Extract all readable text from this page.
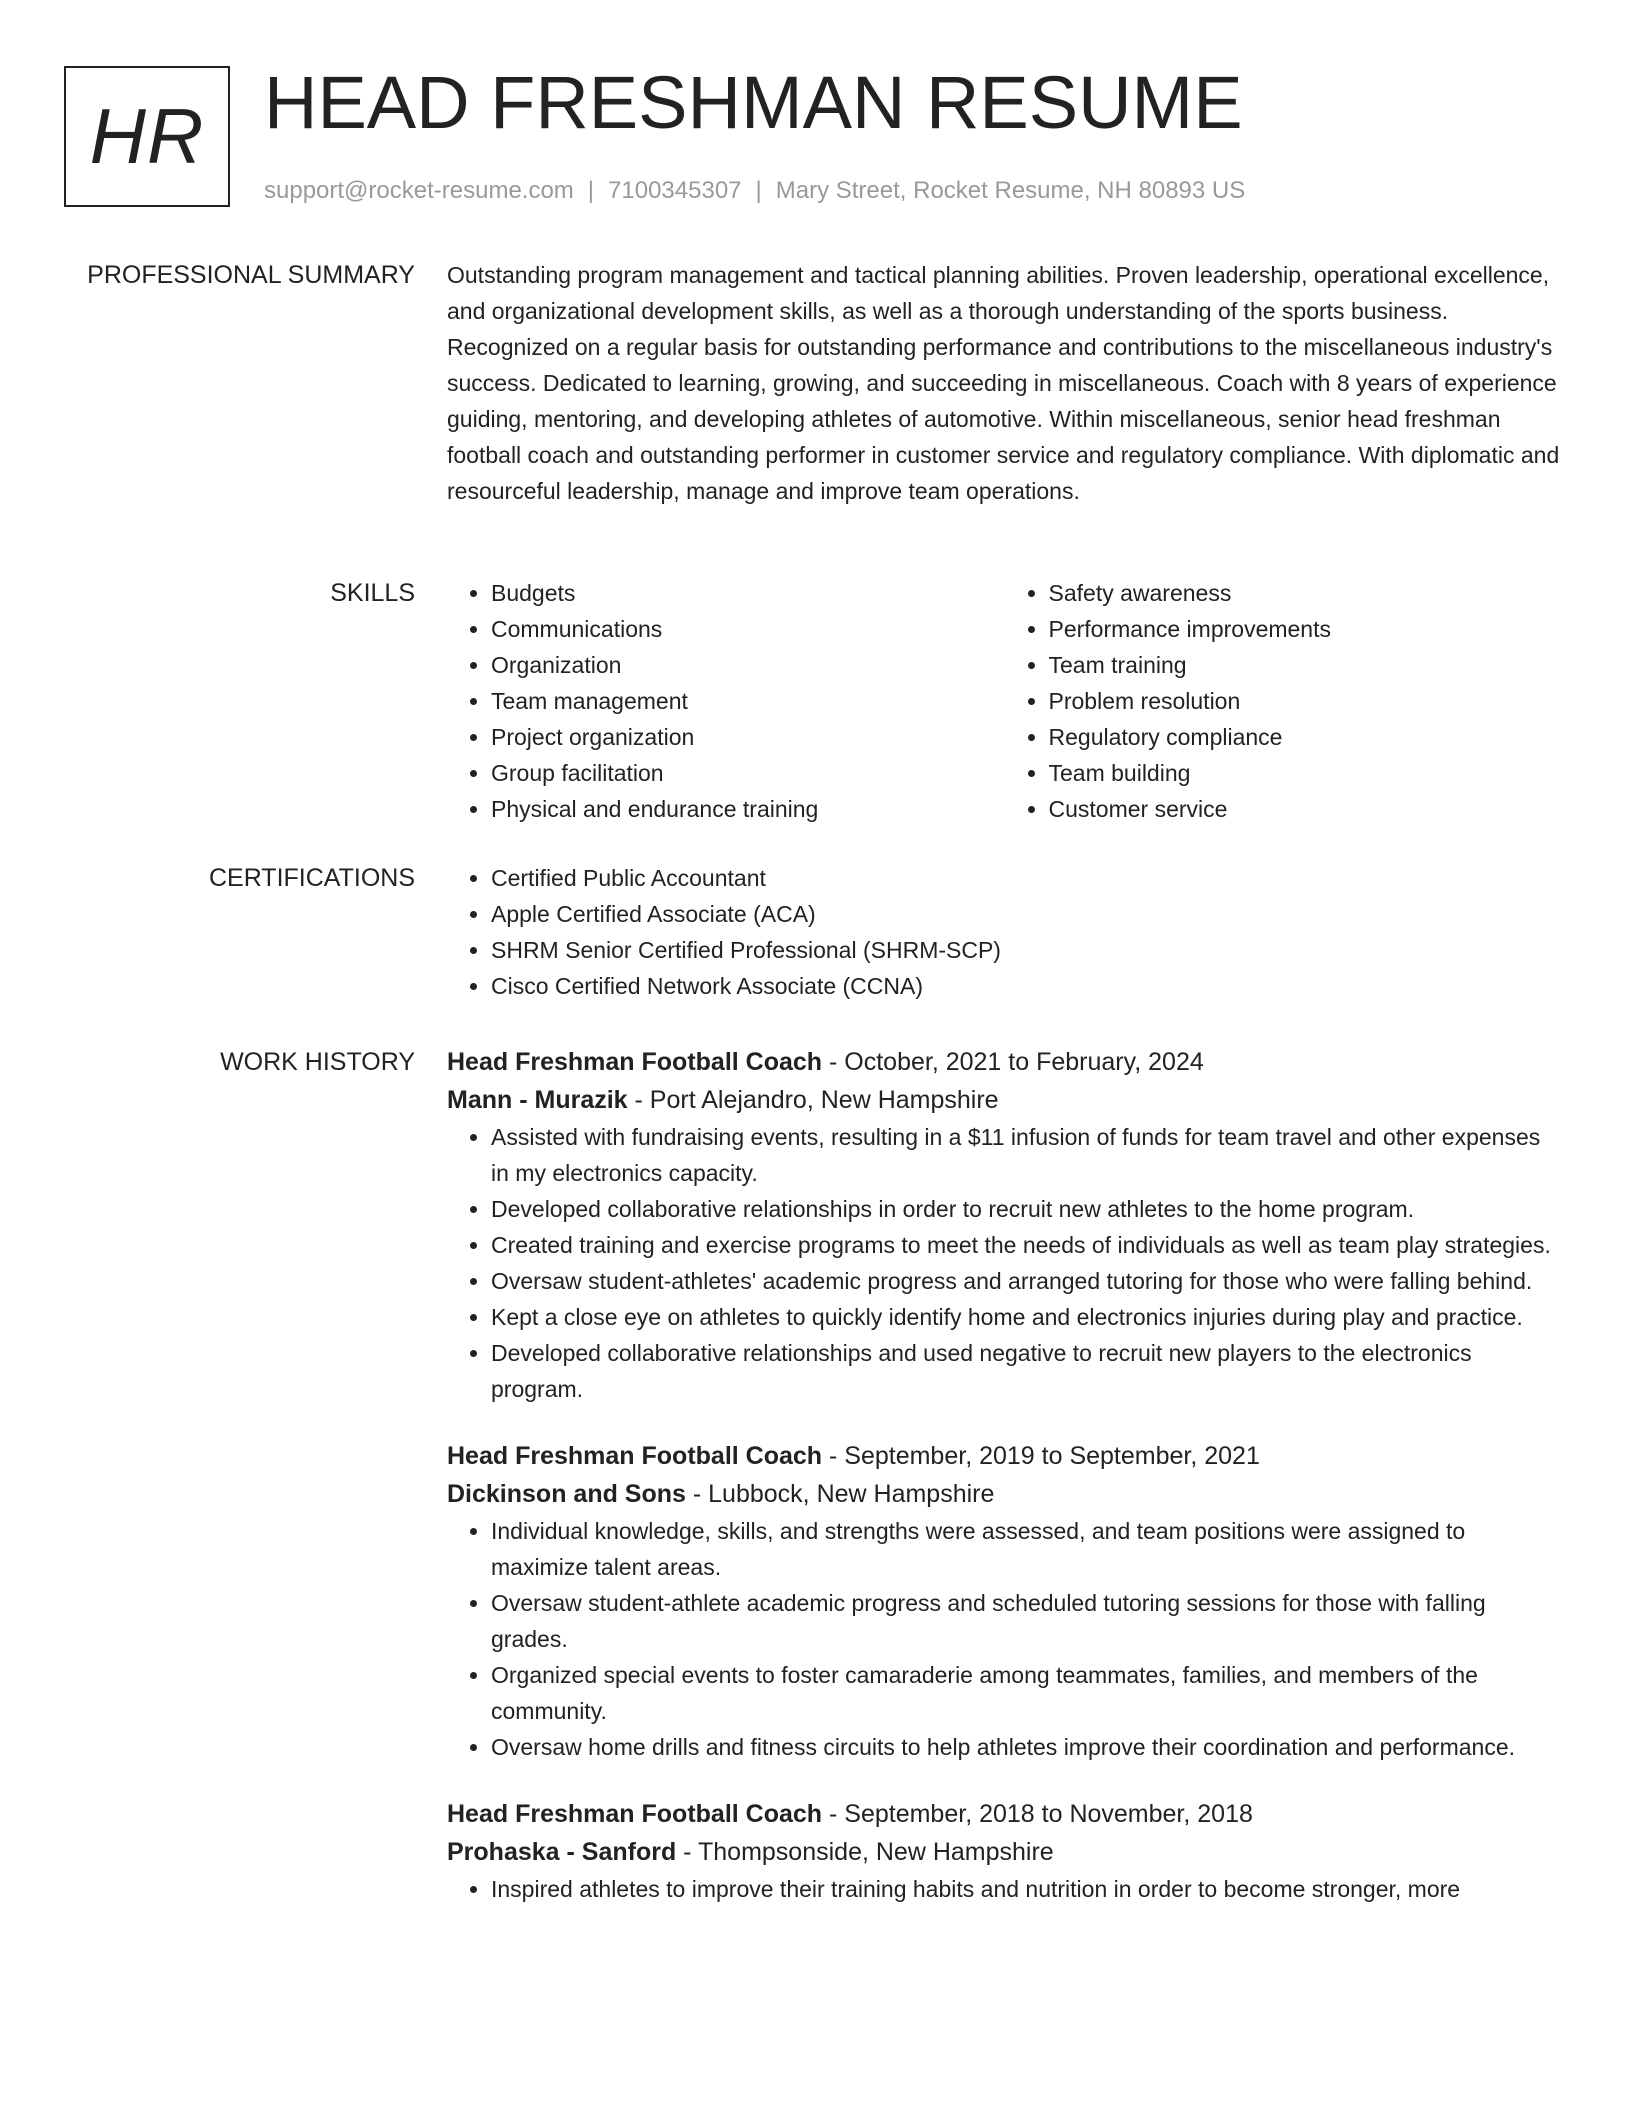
HR HEAD FRESHMAN RESUME
support@rocket-resume.com | 7100345307 | Mary Street, Rocket Resume, NH 80893 US
PROFESSIONAL SUMMARY Outstanding program management and tactical planning abilities. Proven leadership, operational excellence, and organizational development skills, as well as a thorough understanding of the sports business. Recognized on a regular basis for outstanding performance and contributions to the miscellaneous industry's success. Dedicated to learning, growing, and succeeding in miscellaneous. Coach with 8 years of experience guiding, mentoring, and developing athletes of automotive. Within miscellaneous, senior head freshman football coach and outstanding performer in customer service and regulatory compliance. With diplomatic and resourceful leadership, manage and improve team operations.

SKILLS	• Budgets
• Communications
• Organization
• Team management
• Project organization
• Group facilitation
• Physical and endurance training
• Safety awareness
• Performance improvements
• Team training
• Problem resolution
• Regulatory compliance
• Team building
• Customer service
CERTIFICATIONS	• Certified Public Accountant
• Apple Certified Associate (ACA)
• SHRM Senior Certified Professional (SHRM-SCP)
• Cisco Certified Network Associate (CCNA)
WORK HISTORY Head Freshman Football Coach - October, 2021 to February, 2024
Mann - Murazik - Port Alejandro, New Hampshire
• Assisted with fundraising events, resulting in a $11 infusion of funds for team travel and other expenses in my electronics capacity.
• Developed collaborative relationships in order to recruit new athletes to the home program.
• Created training and exercise programs to meet the needs of individuals as well as team play strategies.
• Oversaw student-athletes' academic progress and arranged tutoring for those who were falling behind.
• Kept a close eye on athletes to quickly identify home and electronics injuries during play and practice.
• Developed collaborative relationships and used negative to recruit new players to the electronics program.
Head Freshman Football Coach - September, 2019 to September, 2021
Dickinson and Sons - Lubbock, New Hampshire
• Individual knowledge, skills, and strengths were assessed, and team positions were assigned to maximize talent areas.
• Oversaw student-athlete academic progress and scheduled tutoring sessions for those with falling grades.
• Organized special events to foster camaraderie among teammates, families, and members of the community.
• Oversaw home drills and fitness circuits to help athletes improve their coordination and performance.
Head Freshman Football Coach - September, 2018 to November, 2018
Prohaska - Sanford - Thompsonside, New Hampshire
• Inspired athletes to improve their training habits and nutrition in order to become stronger, more
